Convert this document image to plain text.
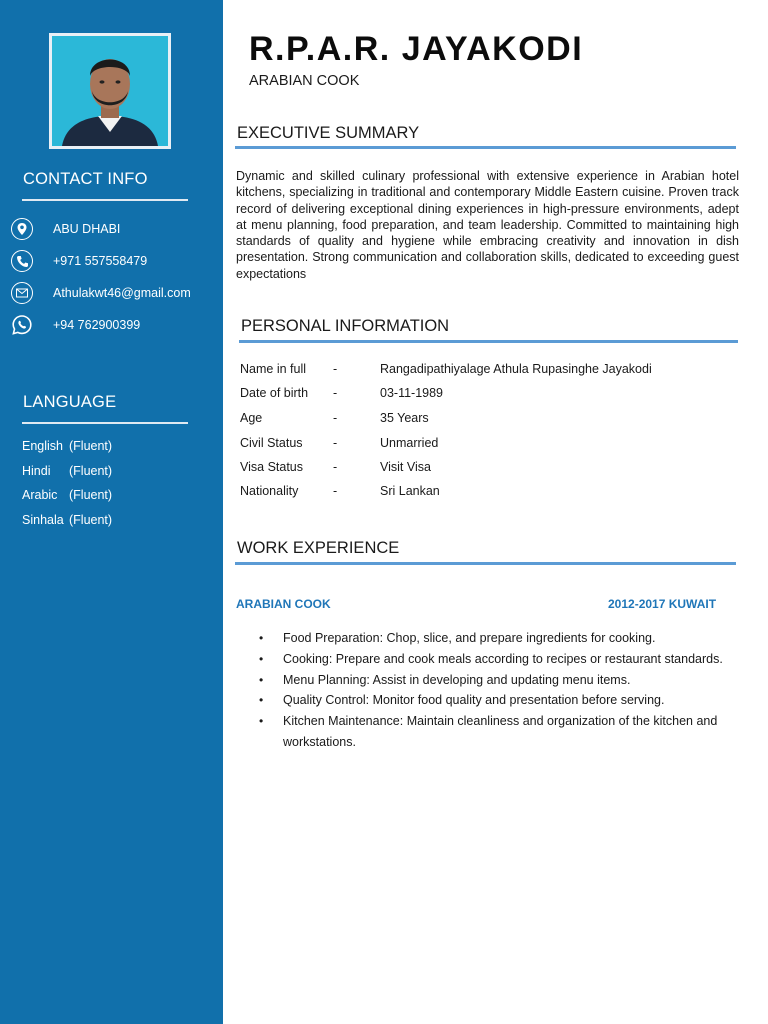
CONTACT INFO
ABU DHABI
+971 557558479
Athulakwt46@gmail.com
+94 762900399
LANGUAGE
English (Fluent)
Hindi (Fluent)
Arabic (Fluent)
Sinhala (Fluent)
R.P.A.R. JAYAKODI
ARABIAN COOK
EXECUTIVE SUMMARY
Dynamic and skilled culinary professional with extensive experience in Arabian hotel kitchens, specializing in traditional and contemporary Middle Eastern cuisine. Proven track record of delivering exceptional dining experiences in high-pressure environments, adept at menu planning, food preparation, and team leadership. Committed to maintaining high standards of quality and hygiene while embracing creativity and innovation in dish presentation. Strong communication and collaboration skills, dedicated to exceeding guest expectations
PERSONAL INFORMATION
Name in full -	Rangadipathiyalage Athula Rupasinghe Jayakodi
Date of birth -	03-11-1989
Age	-	35 Years
Civil Status -	Unmarried
Visa Status -	Visit Visa
Nationality	-	Sri Lankan
WORK EXPERIENCE
ARABIAN COOK	2012-2017 KUWAIT
• Food Preparation: Chop, slice, and prepare ingredients for cooking.
• Cooking: Prepare and cook meals according to recipes or restaurant standards.
• Menu Planning: Assist in developing and updating menu items.
• Quality Control: Monitor food quality and presentation before serving.
• Kitchen Maintenance: Maintain cleanliness and organization of the kitchen and workstations.
